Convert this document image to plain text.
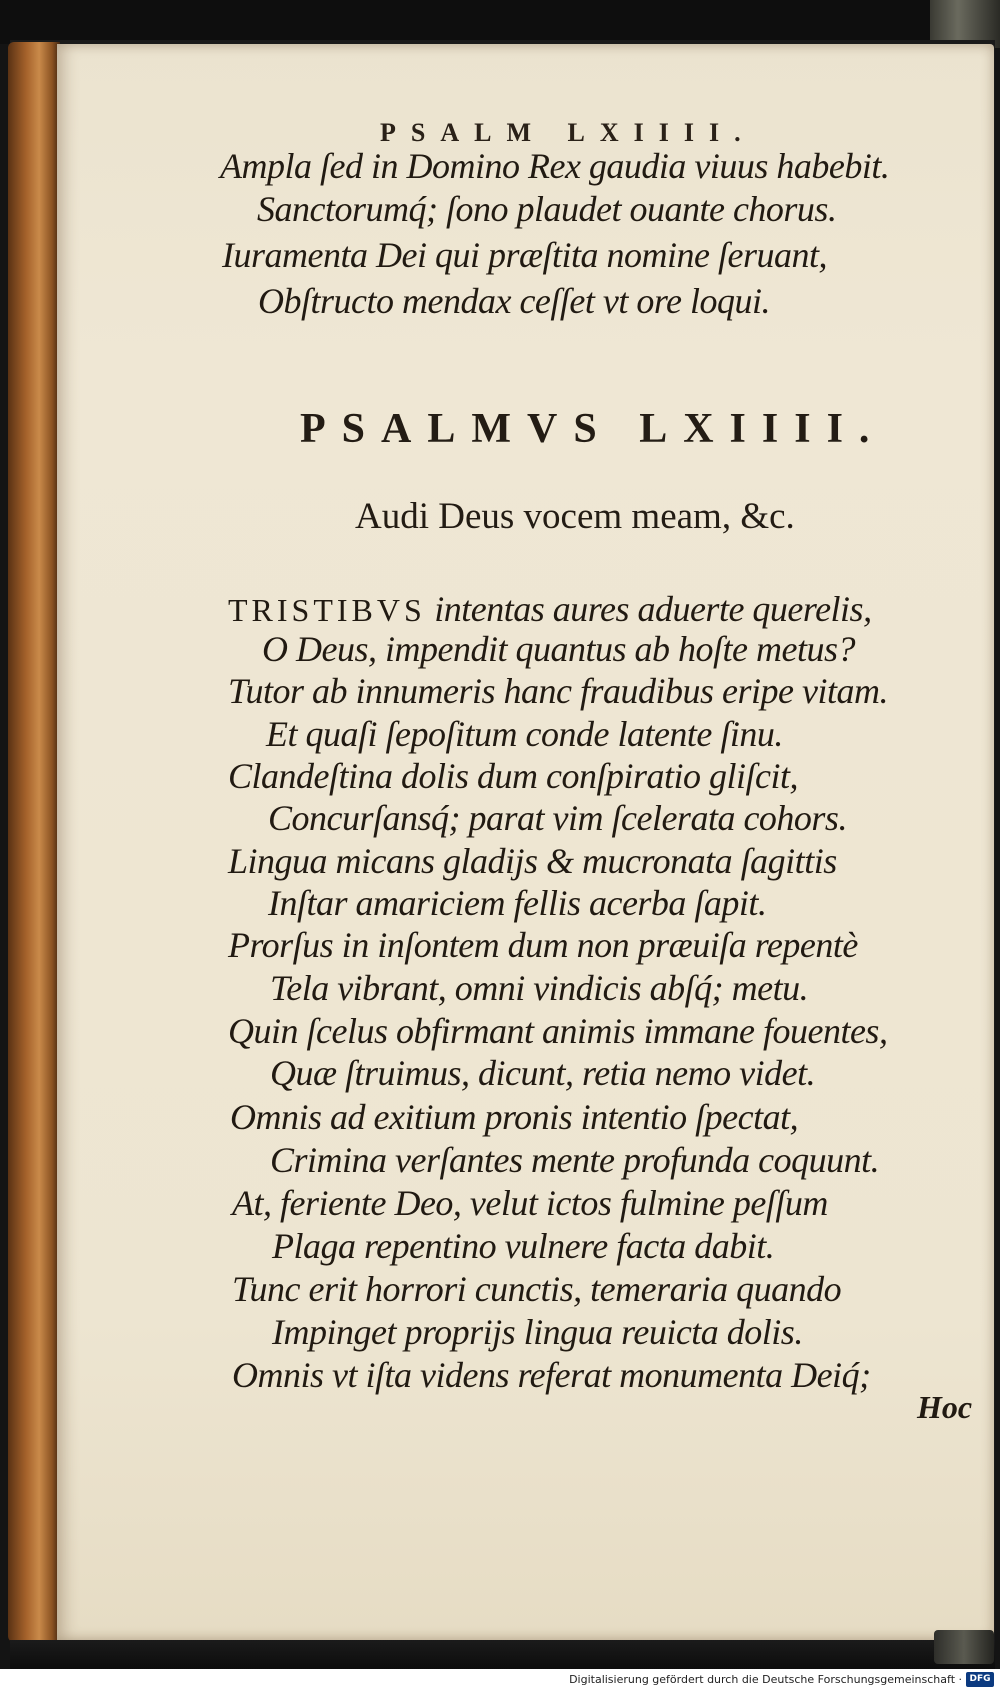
PSALM LXIIII.
Ampla ſed in Domino Rex gaudia viuus habebit.
Sanctorumq́; ſono plaudet ouante chorus.
Iuramenta Dei qui præſtita nomine ſeruant,
Obſtructo mendax ceſſet vt ore loqui.
PSALMVS LXIIII.
Audi Deus vocem meam, &c.
TRISTIBVS intentas aures aduerte querelis,
O Deus, impendit quantus ab hoſte metus?
Tutor ab innumeris hanc fraudibus eripe vitam.
Et quaſi ſepoſitum conde latente ſinu.
Clandeſtina dolis dum conſpiratio gliſcit,
Concurſansq́; parat vim ſcelerata cohors.
Lingua micans gladijs & mucronata ſagittis
Inſtar amariciem fellis acerba ſapit.
Prorſus in inſontem dum non præuiſa repentè
Tela vibrant, omni vindicis abſq́; metu.
Quin ſcelus obfirmant animis immane fouentes,
Quæ ſtruimus, dicunt, retia nemo videt.
Omnis ad exitium pronis intentio ſpectat,
Crimina verſantes mente profunda coquunt.
At, feriente Deo, velut ictos fulmine peſſum
Plaga repentino vulnere facta dabit.
Tunc erit horrori cunctis, temeraria quando
Impinget proprijs lingua reuicta dolis.
Omnis vt iſta videns referat monumenta Deiq́;
Hoc
Digitalisierung gefördert durch die Deutsche Forschungsgemeinschaft · DFG
